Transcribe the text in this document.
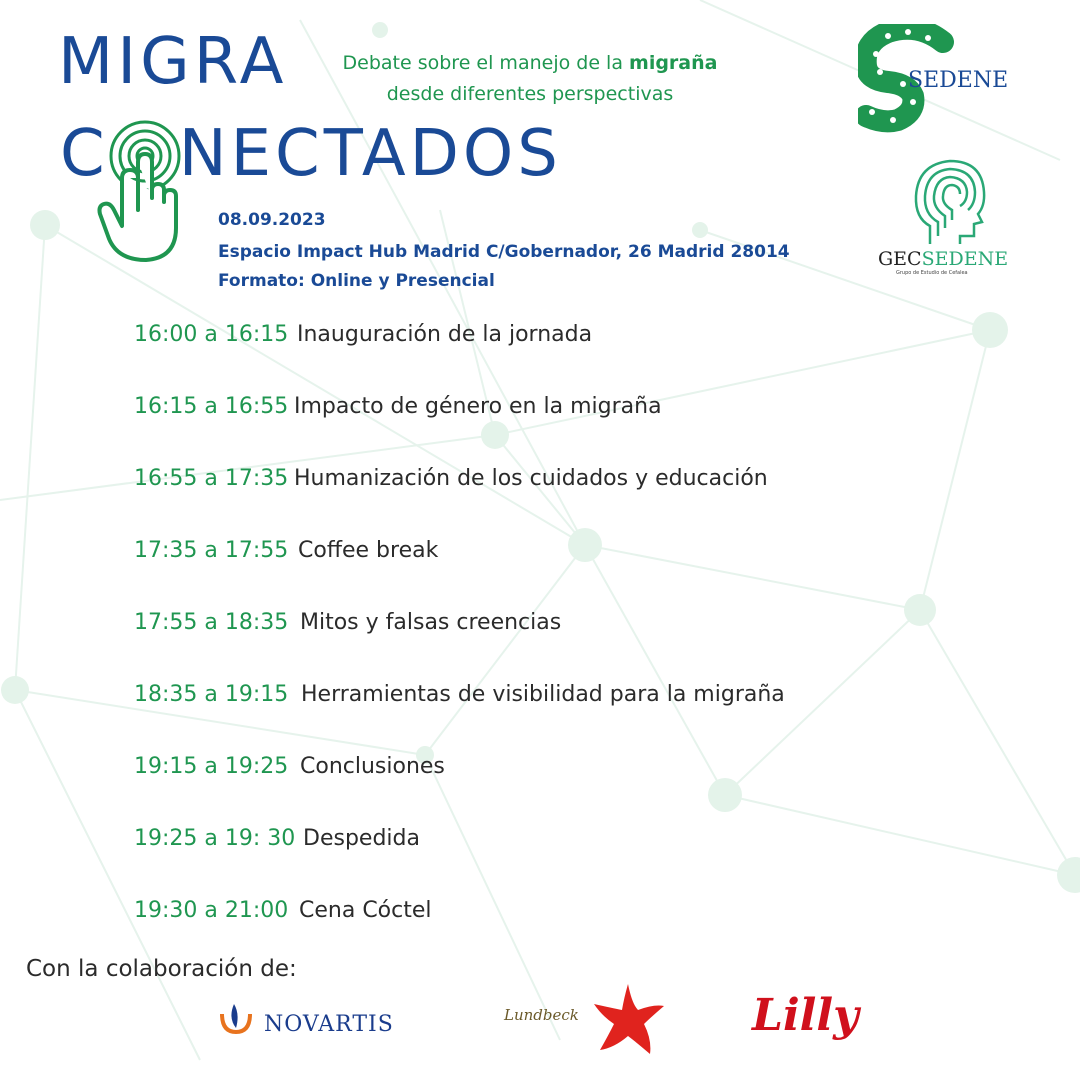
MIGRA
C NECTADOS
Debate sobre el manejo de la migraña
desde diferentes perspectivas
08.09.2023
Espacio Impact Hub Madrid C/Gobernador, 26 Madrid 28014
Formato: Online y Presencial
16:00 a 16:15 Inauguración de la jornada
16:15 a 16:55 Impacto de género en la migraña
16:55 a 17:35 Humanización de los cuidados y educación
17:35 a 17:55 Coffee break
17:55 a 18:35 Mitos y falsas creencias
18:35 a 19:15 Herramientas de visibilidad para la migraña
19:15 a 19:25 Conclusiones
19:25 a 19: 30 Despedida
19:30 a 21:00 Cena Cóctel
SEDENE
GECSEDENE
Grupo de Estudio de Cefalea
Con la colaboración de:
NOVARTIS	Lundbeck	Lilly
